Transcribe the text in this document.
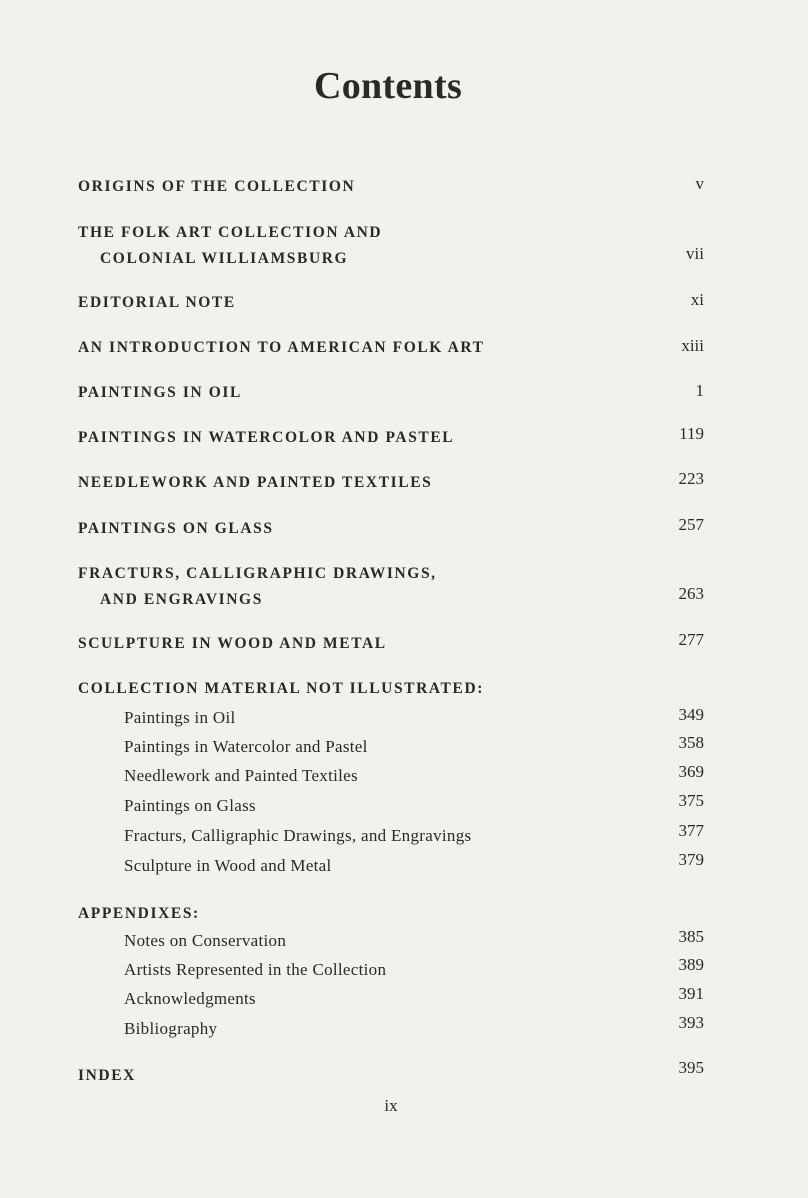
Contents
ORIGINS OF THE COLLECTION	v
THE FOLK ART COLLECTION AND
COLONIAL WILLIAMSBURG	vii
EDITORIAL NOTE	xi
AN INTRODUCTION TO AMERICAN FOLK ART	xiii
PAINTINGS IN OIL	1
PAINTINGS IN WATERCOLOR AND PASTEL	119
NEEDLEWORK AND PAINTED TEXTILES	223
PAINTINGS ON GLASS	257
FRACTURS, CALLIGRAPHIC DRAWINGS,
AND ENGRAVINGS	263
SCULPTURE IN WOOD AND METAL	277
COLLECTION MATERIAL NOT ILLUSTRATED:
Paintings in Oil	349
Paintings in Watercolor and Pastel	358
Needlework and Painted Textiles	369
Paintings on Glass	375
Fracturs, Calligraphic Drawings, and Engravings	377
Sculpture in Wood and Metal	379
APPENDIXES:
Notes on Conservation	385
Artists Represented in the Collection	389
Acknowledgments	391
Bibliography	393
INDEX	395
ix
